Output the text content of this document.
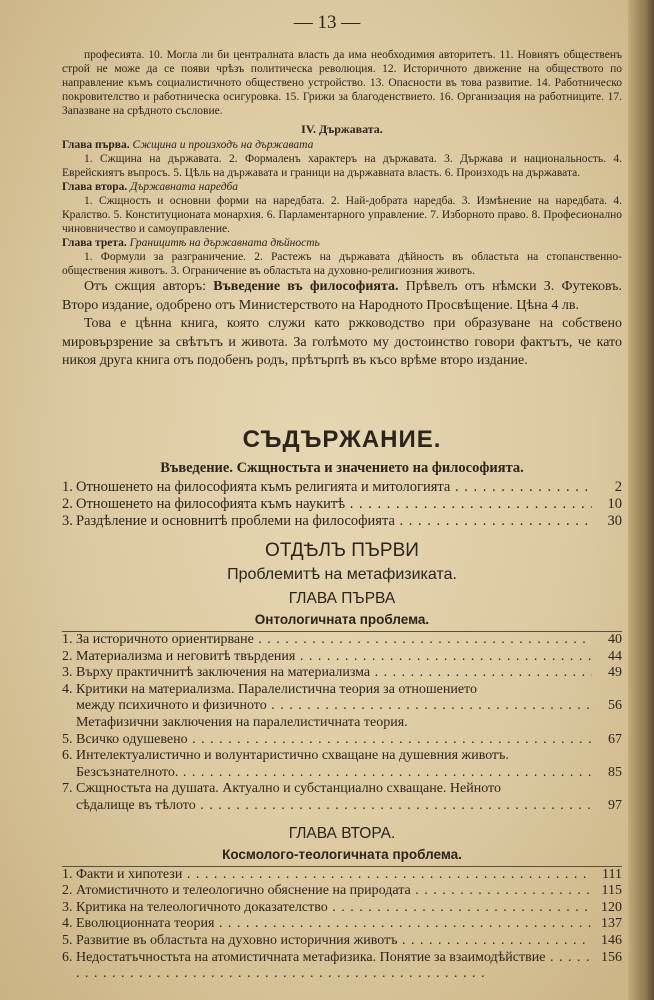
— 13 —

професията. 10. Могла ли би централната власть да има необходимия авторитетъ. 11. Новиятъ общественъ строй не може да се появи чрѣзъ политическа революция. 12. Историчното движение на обществото по направление къмъ социалистичното обществено устройство. 13. Опасности въ това развитие. 14. Работническо покровителство и работническа осигуровка. 15. Грижи за благоденствието. 16. Организация на работниците. 17. Запазване на срѣдното съсловие.

IV. Държавата.

Глава първа. Сжщина и произходъ на държавата

1. Сжщина на държавата. 2. Формаленъ характеръ на държавата. 3. Държава и национальность. 4. Еврейскиятъ въпросъ. 5. Цѣль на държавата и граници на държавната власть. 6. Произходъ на държавата.

Глава втора. Държавната наредба

1. Сжщность и основни форми на наредбата. 2. Най-добрата наредба. 3. Измѣнение на наредбата. 4. Кралство. 5. Конституционата монархия. 6. Парламентарного управление. 7. Изборното право. 8. Професионално чиновничество и самоуправление.

Глава трета. Границитѣ на държавната дѣйность

1. Формули за разграничение. 2. Растежъ на държавата дѣйность въ областьта на стопанственно-обществения животъ. 3. Ограничение въ областьта на духовно-религиозния животъ.

Отъ сжщия авторъ: Въведение въ философията. Прѣвелъ отъ нѣмски З. Футековъ. Второ издание, одобрено отъ Министерството на Народното Просвѣщение. Цѣна 4 лв.

Това е цѣнна книга, която служи като ржководство при образуване на собствено мировързрение за свѣтътъ и живота. За голѣмото му достоинство говори фактътъ, че като никоя друга книга отъ подобенъ родъ, прѣтърпѣ въ късо врѣме второ издание.

СЪДЪРЖАНИЕ.

Въведение. Сжщностьта и значението на философията.

1. Отношенето на философията къмъ религията и митологията . . .	2
2. Отношенето на философията къмъ наукитѣ . . .	10
3. Раздѣление и основнитѣ проблеми на философията . . .	30

ОТДѢЛЪ ПЪРВИ

Проблемитѣ на метафизиката.

ГЛАВА ПЪРВА

Онтологичната проблема.

1. За историчното ориентирване . . .	40
2. Материализма и неговитѣ твърдения . . .	44
3. Върху практичнитѣ заключения на материализма . . .	49
4. Критики на материализма. Паралелистична теория за отношението
между психичното и физичното . . .	56
Метафизични заключения на паралелистичната теория.
5. Всичко одушевено . . .	67
6. Интелектуалистично и волунтаристично схващане на душевния животъ.
Безсъзнателното. . . .	85
7. Сжщностьта на душата. Актуално и субстанциално схващане. Нейното
сѣдалище въ тѣлото . . .	97

ГЛАВА ВТОРА.

Космолого-теологичната проблема.

1. Факти и хипотези . . .	111
2. Атомистичното и телеологично обяснение на природата . . .	115
3. Критика на телеологичното доказателство . . .	120
4. Еволюционната теория . . .	137
5. Развитие въ областьта на духовно историчния животъ . . .	146
6. Недостатъчностьта на атомистичната метафизика. Понятие за взаимодѣйствие . . .	156
